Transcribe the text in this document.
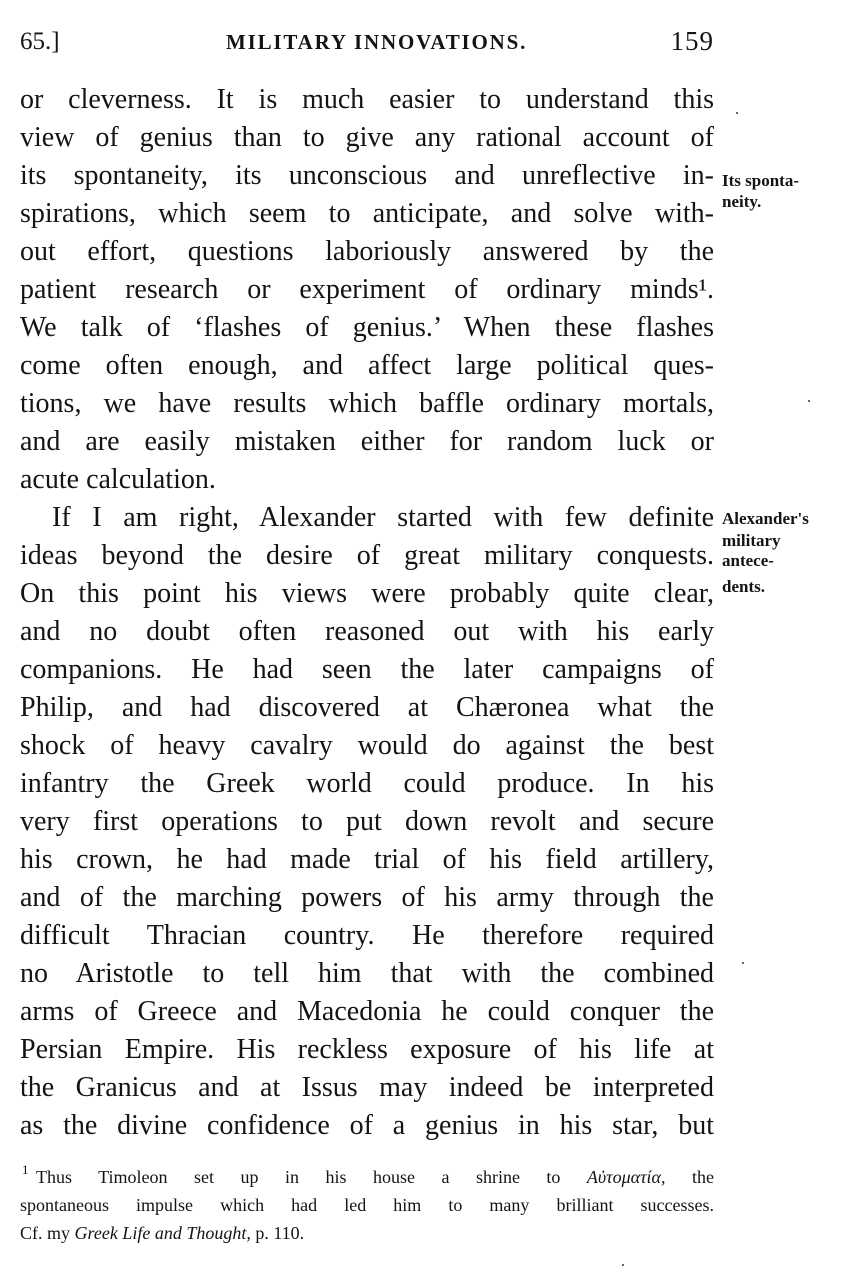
65.]	MILITARY INNOVATIONS.	159
or cleverness. It is much easier to understand this
view of genius than to give any rational account of
its spontaneity, its unconscious and unreflective in-
spirations, which seem to anticipate, and solve with-
out effort, questions laboriously answered by the
patient research or experiment of ordinary minds¹.
We talk of ‘flashes of genius.’ When these flashes
come often enough, and affect large political ques-
tions, we have results which baffle ordinary mortals,
and are easily mistaken either for random luck or
acute calculation.
If I am right, Alexander started with few definite
ideas beyond the desire of great military conquests.
On this point his views were probably quite clear,
and no doubt often reasoned out with his early
companions. He had seen the later campaigns of
Philip, and had discovered at Chæronea what the
shock of heavy cavalry would do against the best
infantry the Greek world could produce. In his
very first operations to put down revolt and secure
his crown, he had made trial of his field artillery,
and of the marching powers of his army through the
difficult Thracian country. He therefore required
no Aristotle to tell him that with the combined
arms of Greece and Macedonia he could conquer the
Persian Empire. His reckless exposure of his life at
the Granicus and at Issus may indeed be interpreted
as the divine confidence of a genius in his star, but
Its sponta-
neity.
Alexander's
military
antece-
dents.
1 Thus Timoleon set up in his house a shrine to Αὐτοματία, the
spontaneous impulse which had led him to many brilliant successes.
Cf. my Greek Life and Thought, p. 110.
